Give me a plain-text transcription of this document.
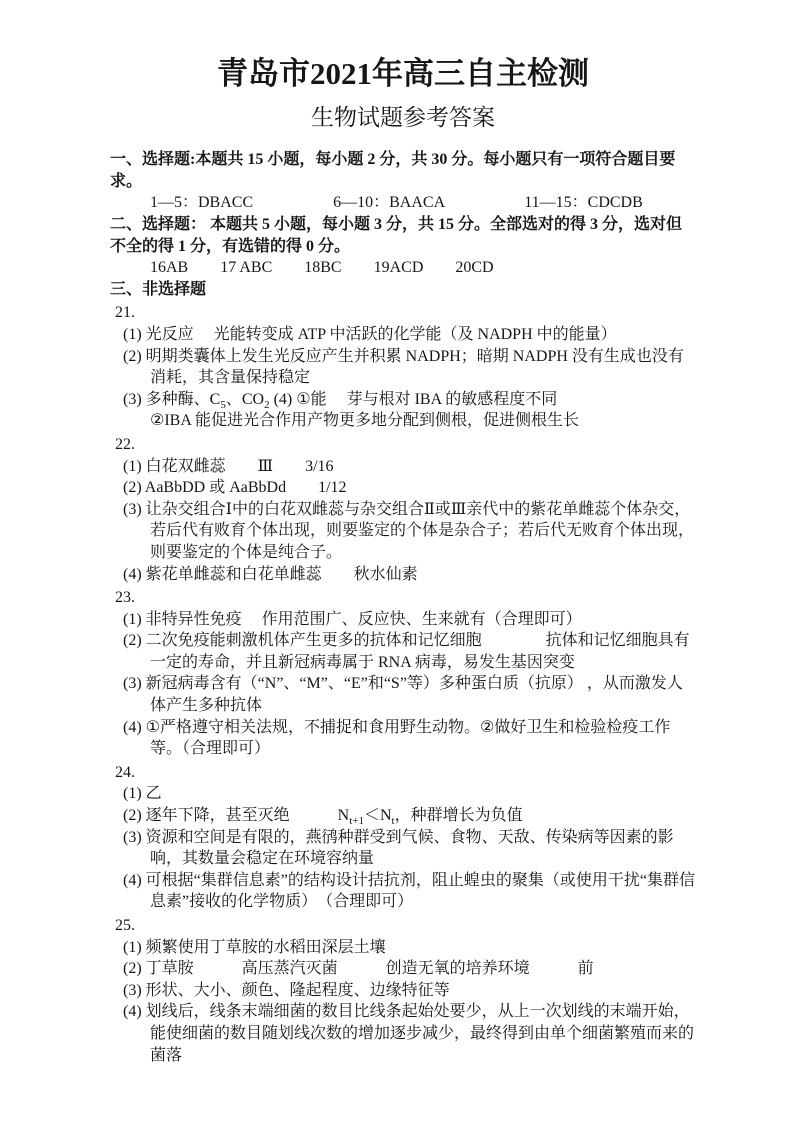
青岛市2021年高三自主检测
生物试题参考答案

一、选择题:本题共 15 小题，每小题 2 分，共 30 分。每小题只有一项符合题目要求。

1—5：DBACC　　　　　6—10：BAACA　　　　　11—15：CDCDB

二、选择题： 本题共 5 小题，每小题 3 分，共 15 分。全部选对的得 3 分，选对但不全的得 1 分，有选错的得 0 分。

16AB　　17 ABC　　18BC　　19ACD　　20CD

三、非选择题

21.

(1) 光反应　 光能转变成 ATP 中活跃的化学能（及 NADPH 中的能量）

(2) 明期类囊体上发生光反应产生并积累 NADPH；暗期 NADPH 没有生成也没有消耗，其含量保持稳定

(3) 多种酶、$C_5$、$CO_2$ (4) ①能　 芽与根对 IBA 的敏感程度不同

②IBA 能促进光合作用产物更多地分配到侧根，促进侧根生长

22.

(1) 白花双雌蕊　　Ⅲ　　3/16

(2) AaBbDD 或 AaBbDd　　1/12

(3) 让杂交组合Ⅰ中的白花双雌蕊与杂交组合Ⅱ或Ⅲ亲代中的紫花单雌蕊个体杂交，若后代有败育个体出现，则要鉴定的个体是杂合子；若后代无败育个体出现，则要鉴定的个体是纯合子。

(4) 紫花单雌蕊和白花单雌蕊　　秋水仙素

23.

(1) 非特异性免疫　 作用范围广、反应快、生来就有（合理即可）

(2) 二次免疫能刺激机体产生更多的抗体和记忆细胞　　　　抗体和记忆细胞具有一定的寿命，并且新冠病毒属于 RNA 病毒，易发生基因突变

(3) 新冠病毒含有（“N”、“M”、“E”和“S”等）多种蛋白质（抗原） ，从而激发人体产生多种抗体

(4) ①严格遵守相关法规，不捕捉和食用野生动物。②做好卫生和检验检疫工作等。（合理即可）

24.

(1) 乙

(2) 逐年下降，甚至灭绝　　　$N_{t+1}<N_t$，种群增长为负值

(3) 资源和空间是有限的，燕鸻种群受到气候、食物、天敌、传染病等因素的影响，其数量会稳定在环境容纳量

(4) 可根据“集群信息素”的结构设计拮抗剂，阻止蝗虫的聚集（或使用干扰“集群信息素”接收的化学物质）　（合理即可）

25.

(1) 频繁使用丁草胺的水稻田深层土壤

(2) 丁草胺　　　高压蒸汽灭菌　　　创造无氧的培养环境　　　前

(3) 形状、大小、颜色、隆起程度、边缘特征等

(4) 划线后，线条末端细菌的数目比线条起始处要少，从上一次划线的末端开始，能使细菌的数目随划线次数的增加逐步减少，最终得到由单个细菌繁殖而来的菌落
